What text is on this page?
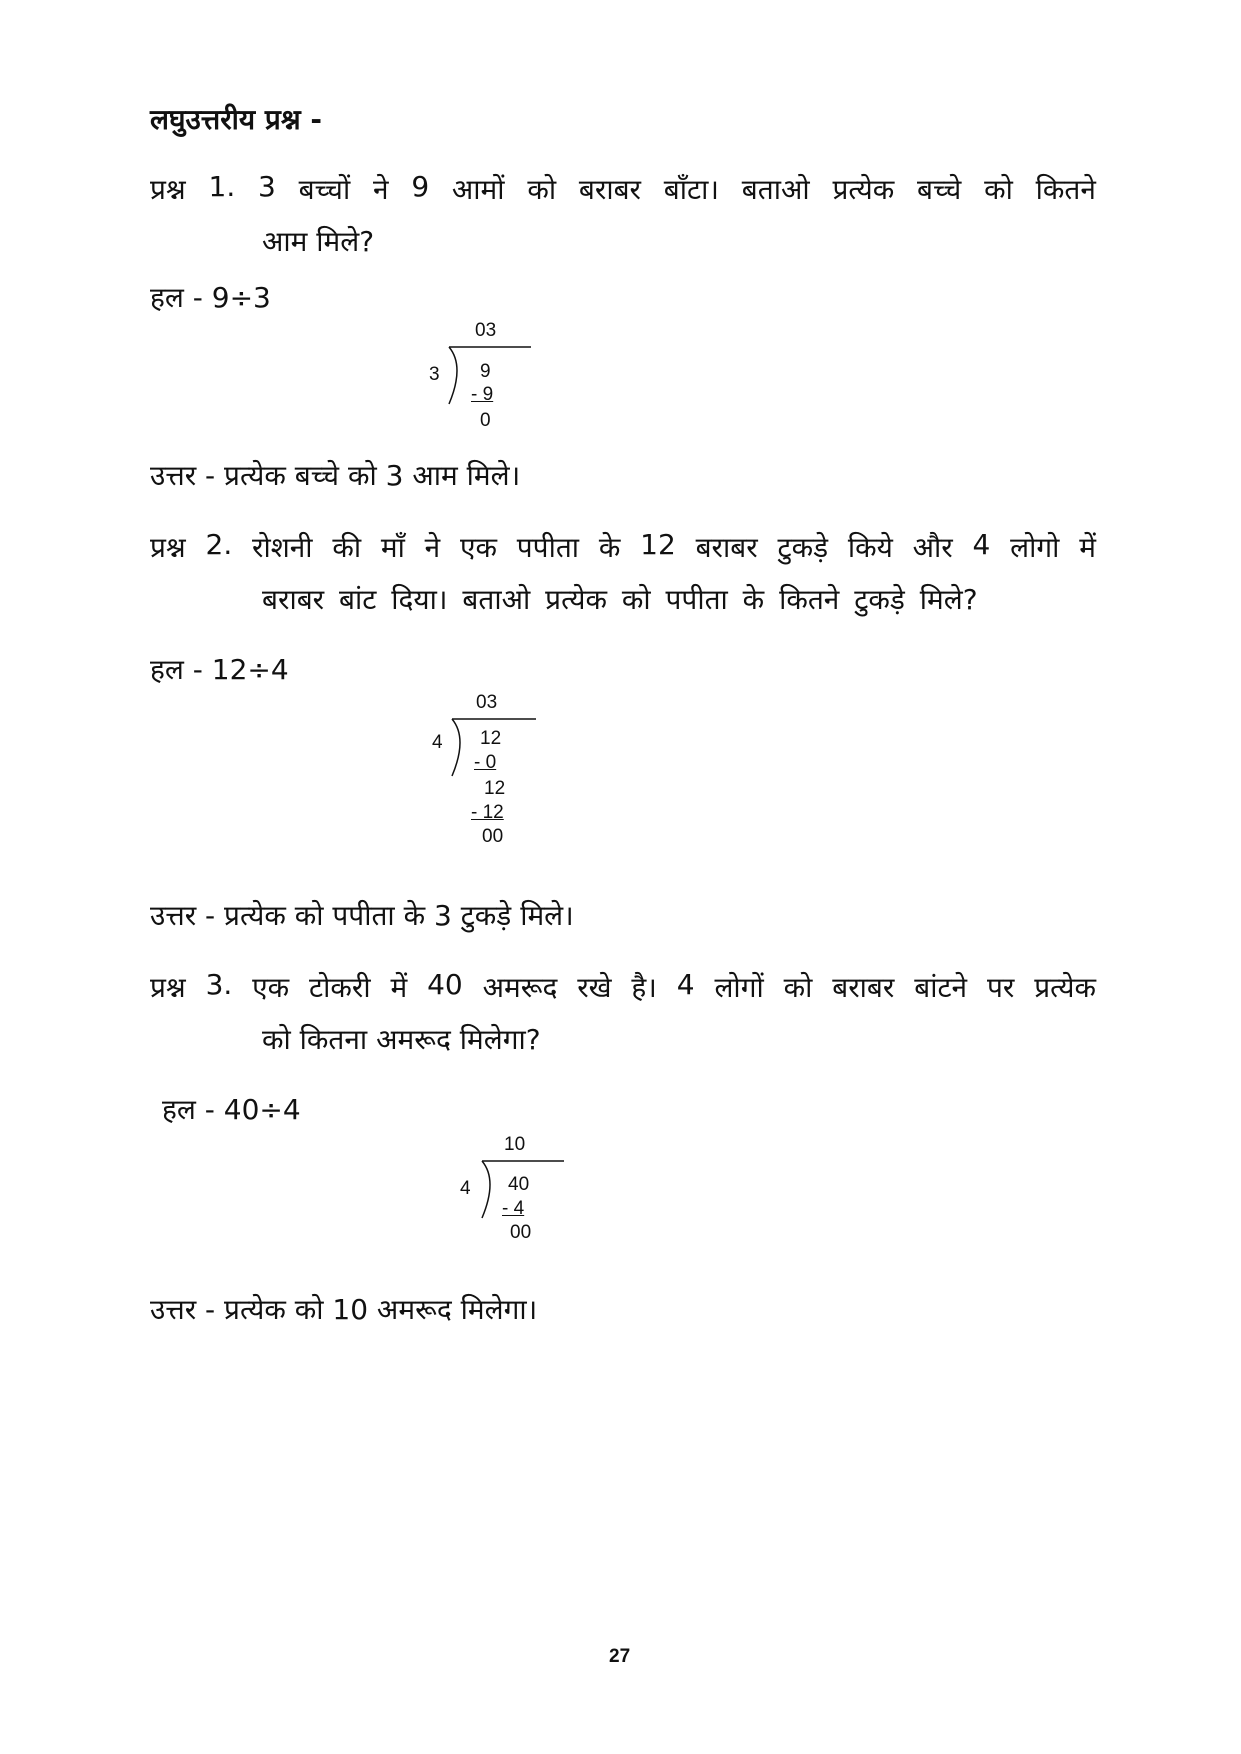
लघुउत्तरीय प्रश्न -
प्रश्न 1. 3 बच्चों ने 9 आमों को बराबर बाँटा। बताओ प्रत्येक बच्चे को कितने
आम मिले?
हल - 9÷3
03
3 9
- 9
0
उत्तर - प्रत्येक बच्चे को 3 आम मिले।
प्रश्न 2. रोशनी की माँ ने एक पपीता के 12 बराबर टुकड़े किये और 4 लोगो में
बराबर बांट दिया। बताओ प्रत्येक को पपीता के कितने टुकड़े मिले?
हल - 12÷4
03
4 12
- 0
12
- 12
00
उत्तर - प्रत्येक को पपीता के 3 टुकड़े मिले।
प्रश्न 3. एक टोकरी में 40 अमरूद रखे है। 4 लोगों को बराबर बांटने पर प्रत्येक
को कितना अमरूद मिलेगा?
हल - 40÷4
10
4 40
- 4
00
उत्तर - प्रत्येक को 10 अमरूद मिलेगा।
27
